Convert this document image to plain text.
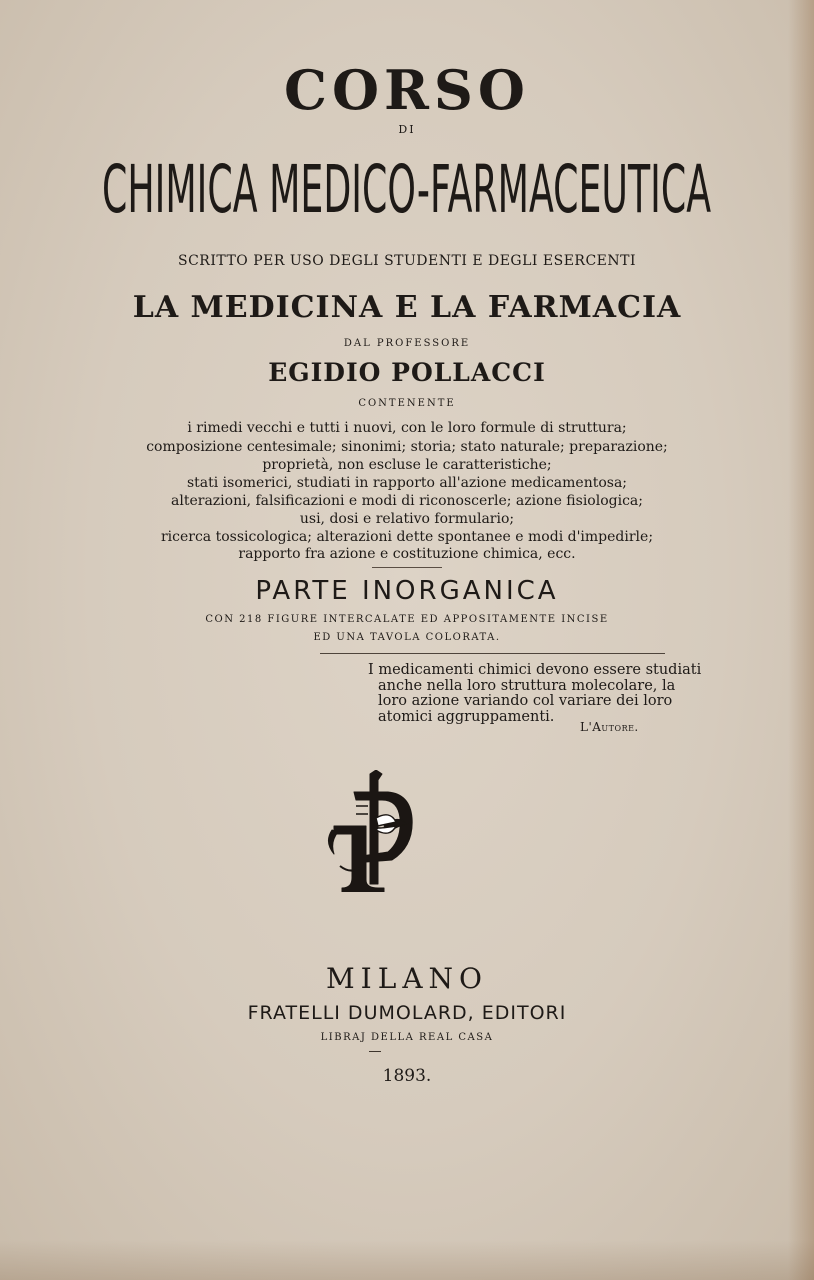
CORSO
DI
CHIMICA MEDICO-FARMACEUTICA
SCRITTO PER USO DEGLI STUDENTI E DEGLI ESERCENTI
LA MEDICINA E LA FARMACIA
DAL PROFESSORE
EGIDIO POLLACCI
CONTENENTE
i rimedi vecchi e tutti i nuovi, con le loro formule di struttura;
composizione centesimale; sinonimi; storia; stato naturale; preparazione;
proprietà, non escluse le caratteristiche;
stati isomerici, studiati in rapporto all'azione medicamentosa;
alterazioni, falsificazioni e modi di riconoscerle; azione fisiologica;
usi, dosi e relativo formulario;
ricerca tossicologica; alterazioni dette spontanee e modi d'impedirle;
rapporto fra azione e costituzione chimica, ecc.
PARTE INORGANICA
CON 218 FIGURE INTERCALATE ED APPOSITAMENTE INCISE
ED UNA TAVOLA COLORATA.
I medicamenti chimici devono essere studiati
anche nella loro struttura molecolare, la
loro azione variando col variare dei loro
atomici aggruppamenti.
L'Autore.
MILANO
FRATELLI DUMOLARD, EDITORI
LIBRAJ DELLA REAL CASA
1893.
